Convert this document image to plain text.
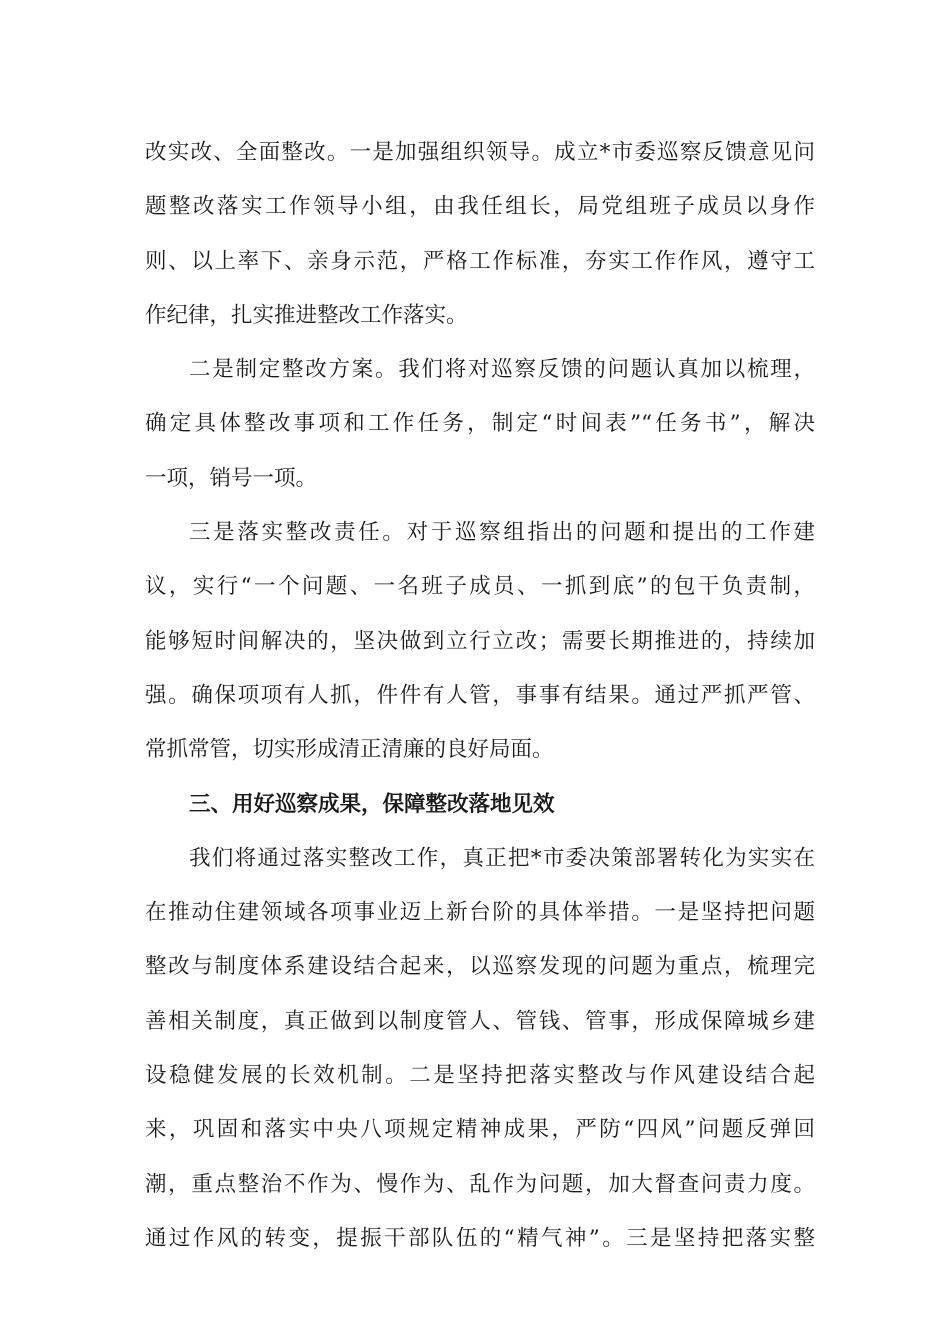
改实改、全面整改。一是加强组织领导。成立*市委巡察反馈意见问
题整改落实工作领导小组，由我任组长，局党组班子成员以身作
则、以上率下、亲身示范，严格工作标准，夯实工作作风，遵守工
作纪律，扎实推进整改工作落实。
二是制定整改方案。我们将对巡察反馈的问题认真加以梳理，
确定具体整改事项和工作任务，制定“时间表”“任务书”，解决
一项，销号一项。
三是落实整改责任。对于巡察组指出的问题和提出的工作建
议，实行“一个问题、一名班子成员、一抓到底”的包干负责制，
能够短时间解决的，坚决做到立行立改；需要长期推进的，持续加
强。确保项项有人抓，件件有人管，事事有结果。通过严抓严管、
常抓常管，切实形成清正清廉的良好局面。
三、用好巡察成果，保障整改落地见效
我们将通过落实整改工作，真正把*市委决策部署转化为实实在
在推动住建领域各项事业迈上新台阶的具体举措。一是坚持把问题
整改与制度体系建设结合起来，以巡察发现的问题为重点，梳理完
善相关制度，真正做到以制度管人、管钱、管事，形成保障城乡建
设稳健发展的长效机制。二是坚持把落实整改与作风建设结合起
来，巩固和落实中央八项规定精神成果，严防“四风”问题反弹回
潮，重点整治不作为、慢作为、乱作为问题，加大督查问责力度。
通过作风的转变，提振干部队伍的“精气神”。三是坚持把落实整
